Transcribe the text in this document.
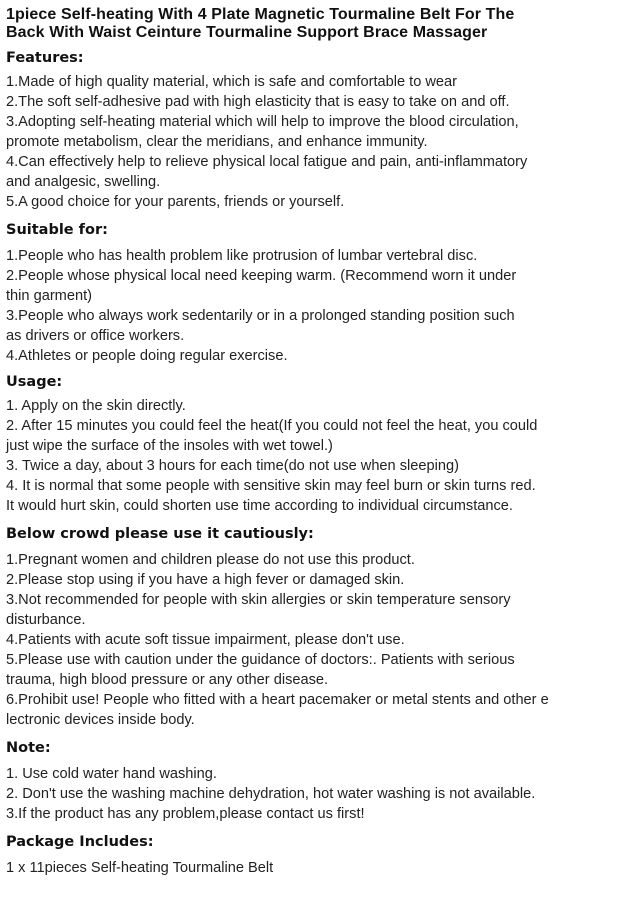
1piece Self-heating With 4 Plate Magnetic Tourmaline Belt For The
Back With Waist Ceinture Tourmaline Support Brace Massager
Features:

1.Made of high quality material, which is safe and comfortable to wear

2.The soft self-adhesive pad with high elasticity that is easy to take on and off.

3.Adopting self-heating material which will help to improve the blood circulation,

promote metabolism, clear the meridians, and enhance immunity.

4.Can effectively help to relieve physical local fatigue and pain, anti-inflammatory

and analgesic, swelling.

5.A good choice for your parents, friends or yourself.

Suitable for:

1.People who has health problem like protrusion of lumbar vertebral disc.

2.People whose physical local need keeping warm. (Recommend worn it under

thin garment)

3.People who always work sedentarily or in a prolonged standing position such

as drivers or office workers.

4.Athletes or people doing regular exercise.

Usage:

1. Apply on the skin directly.

2. After 15 minutes you could feel the heat(If you could not feel the heat, you could

just wipe the surface of the insoles with wet towel.)

3. Twice a day, about 3 hours for each time(do not use when sleeping)

4. It is normal that some people with sensitive skin may feel burn or skin turns red.

It would hurt skin, could shorten use time according to individual circumstance.

Below crowd please use it cautiously:

1.Pregnant women and children please do not use this product.

2.Please stop using if you have a high fever or damaged skin.

3.Not recommended for people with skin allergies or skin temperature sensory

disturbance.

4.Patients with acute soft tissue impairment, please don't use.

5.Please use with caution under the guidance of doctors:. Patients with serious

trauma, high blood pressure or any other disease.

6.Prohibit use! People who fitted with a heart pacemaker or metal stents and other e

lectronic devices inside body.

Note:

1. Use cold water hand washing.

2. Don't use the washing machine dehydration, hot water washing is not available.

3.If the product has any problem,please contact us first!

Package Includes:

1 x 11pieces Self-heating Tourmaline Belt
